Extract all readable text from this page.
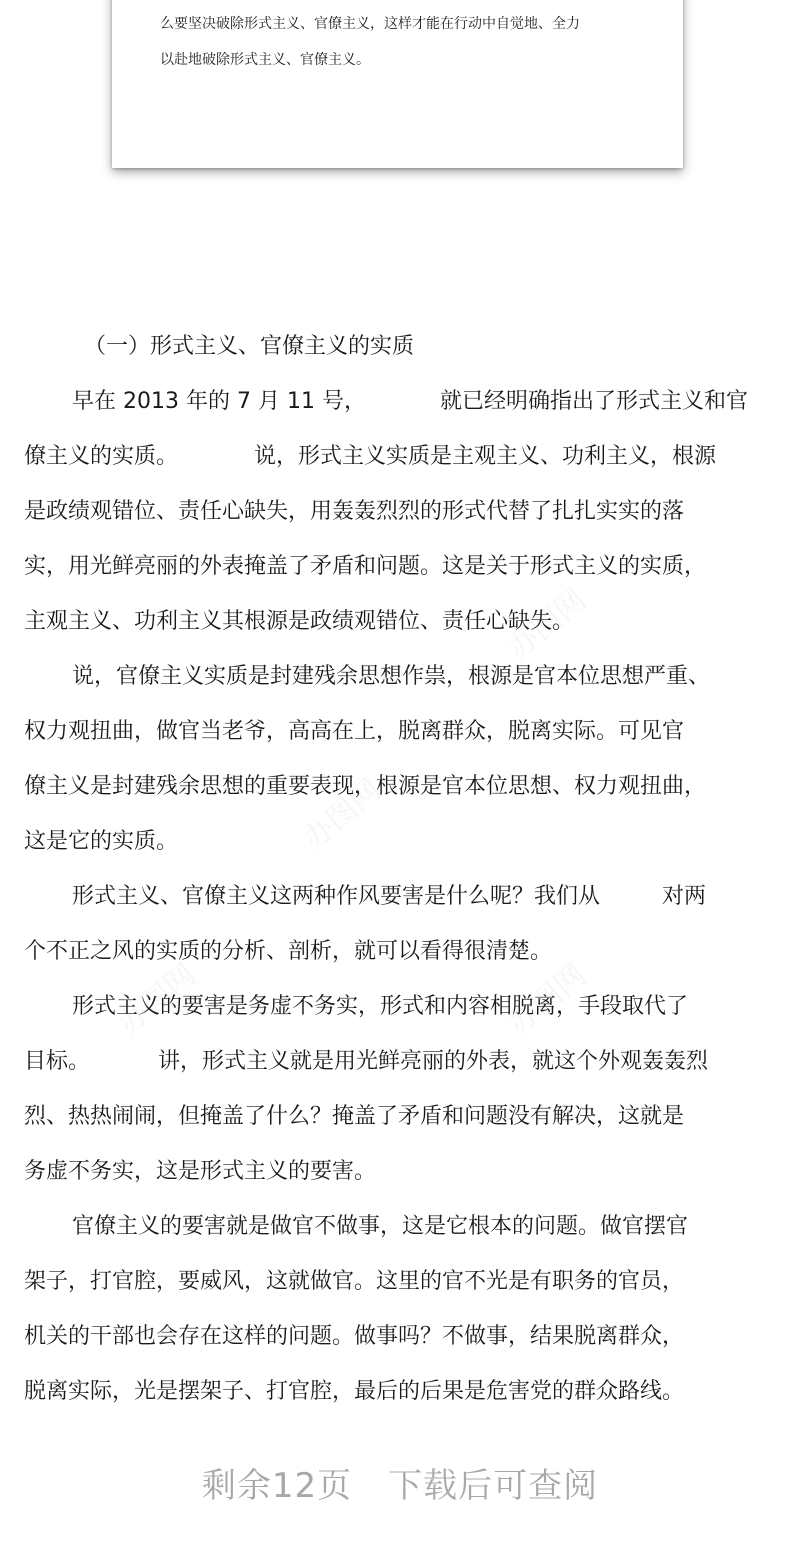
办图网
办图网
办图网	办图网
么要坚决破除形式主义、官僚主义，这样才能在行动中自觉地、全力
以赴地破除形式主义、官僚主义。
（一）形式主义、官僚主义的实质
早在 2013 年的 7 月 11 号，	就已经明确指出了形式主义和官
僚主义的实质。	说，形式主义实质是主观主义、功利主义，根源
是政绩观错位、责任心缺失，用轰轰烈烈的形式代替了扎扎实实的落
实，用光鲜亮丽的外表掩盖了矛盾和问题。这是关于形式主义的实质，
主观主义、功利主义其根源是政绩观错位、责任心缺失。
说，官僚主义实质是封建残余思想作祟，根源是官本位思想严重、
权力观扭曲，做官当老爷，高高在上，脱离群众，脱离实际。可见官
僚主义是封建残余思想的重要表现，根源是官本位思想、权力观扭曲，
这是它的实质。
形式主义、官僚主义这两种作风要害是什么呢？我们从	对两
个不正之风的实质的分析、剖析，就可以看得很清楚。
形式主义的要害是务虚不务实，形式和内容相脱离，手段取代了
目标。	讲，形式主义就是用光鲜亮丽的外表，就这个外观轰轰烈
烈、热热闹闹，但掩盖了什么？掩盖了矛盾和问题没有解决，这就是
务虚不务实，这是形式主义的要害。
官僚主义的要害就是做官不做事，这是它根本的问题。做官摆官
架子，打官腔，要威风，这就做官。这里的官不光是有职务的官员，
机关的干部也会存在这样的问题。做事吗？不做事，结果脱离群众，
脱离实际，光是摆架子、打官腔，最后的后果是危害党的群众路线。
剩余12页 下载后可查阅
